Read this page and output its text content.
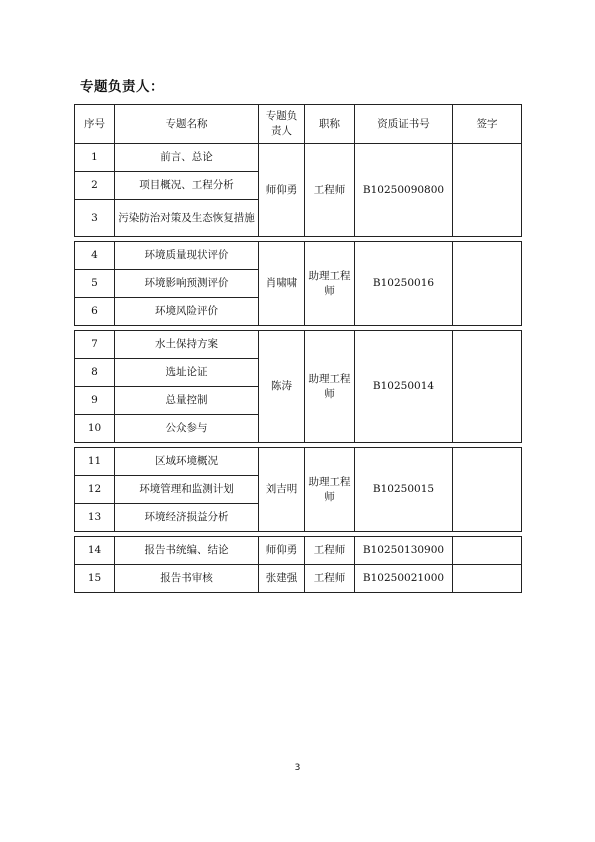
专题负责人：
序号	专题名称	专题负责人	职称	资质证书号	签字
1	前言、总论	师仰勇	工程师	B10250090800	
2	项目概况、工程分析				
3	污染防治对策及生态恢复措施				

4	环境质量现状评价	肖啸啸	助理工程师	B10250016	
5	环境影响预测评价				
6	环境风险评价				

7	水土保持方案	陈涛	助理工程师	B10250014	
8	选址论证				
9	总量控制				
10	公众参与				

11	区域环境概况	刘吉明	助理工程师	B10250015	
12	环境管理和监测计划				
13	环境经济损益分析				

14	报告书统编、结论	师仰勇	工程师	B10250130900	
15	报告书审核	张建强	工程师	B10250021000	
3
